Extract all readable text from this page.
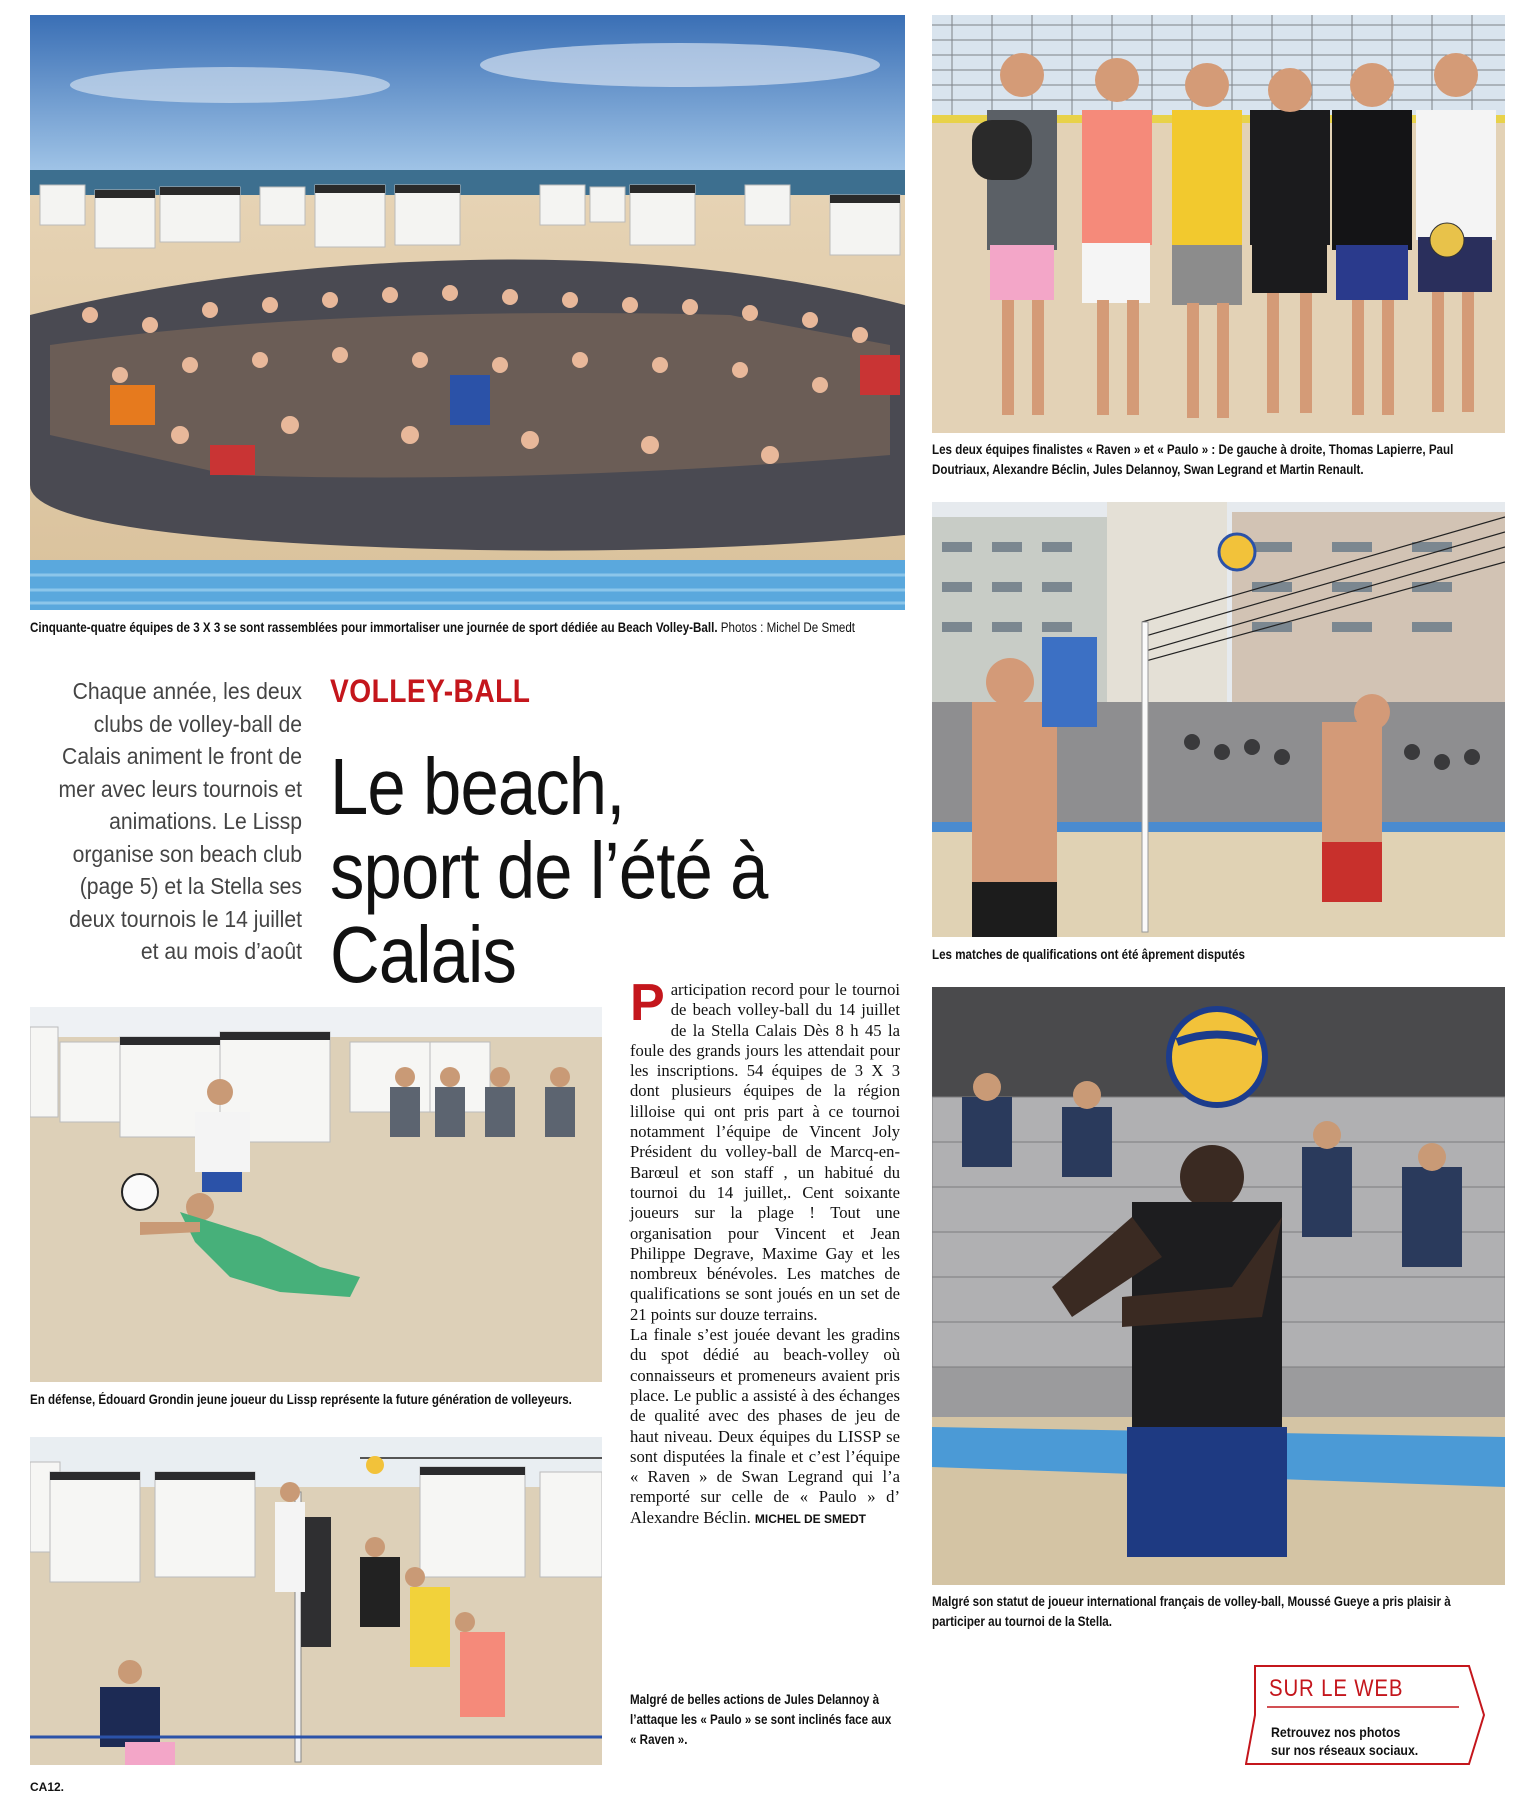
Cinquante-quatre équipes de 3 X 3 se sont rassemblées pour immortaliser une journée de sport dédiée au Beach Volley-Ball. Photos : Michel De Smedt
Les deux équipes finalistes « Raven » et « Paulo » : De gauche à droite, Thomas Lapierre, Paul Doutriaux, Alexandre Béclin, Jules Delannoy, Swan Legrand et Martin Renault.
Les matches de qualifications ont été âprement disputés
Chaque année, les deux clubs de volley-ball de Calais animent le front de mer avec leurs tournois et animations. Le Lissp organise son beach club (page 5) et la Stella ses deux tournois le 14 juillet et au mois d’août
VOLLEY-BALL
Le beach, sport de l’été à Calais
En défense, Édouard Grondin jeune joueur du Lissp représente la future génération de volleyeurs.
P articipation record pour le tournoi de beach volley-ball du 14 juillet de la Stella Calais Dès 8 h 45 la foule des grands jours les attendait pour les inscriptions. 54 équipes de 3 X 3 dont plusieurs équipes de la région lilloise qui ont pris part à ce tournoi notamment l’équipe de Vincent Joly Président du volley-ball de Marcq-en-Barœul et son staff , un habitué du tournoi du 14 juillet,. Cent soixante joueurs sur la plage ! Tout une organisation pour Vincent et Jean Philippe Degrave, Maxime Gay et les nombreux bénévoles. Les matches de qualifications se sont joués en un set de 21 points sur douze terrains.

La finale s’est jouée devant les gradins du spot dédié au beach-volley où connaisseurs et promeneurs avaient pris place. Le public a assisté à des échanges de qualité avec des phases de jeu de haut niveau. Deux équipes du LISSP se sont disputées la finale et c’est l’équipe « Raven » de Swan Legrand qui l’a remporté sur celle de « Paulo » d’ Alexandre Béclin. MICHEL DE SMEDT

Malgré son statut de joueur international français de volley-ball, Moussé Gueye a pris plaisir à participer au tournoi de la Stella.
Malgré de belles actions de Jules Delannoy à l’attaque les « Paulo » se sont inclinés face aux « Raven ».
SUR LE WEB
Retrouvez nos photos sur nos réseaux sociaux.
CA12.
